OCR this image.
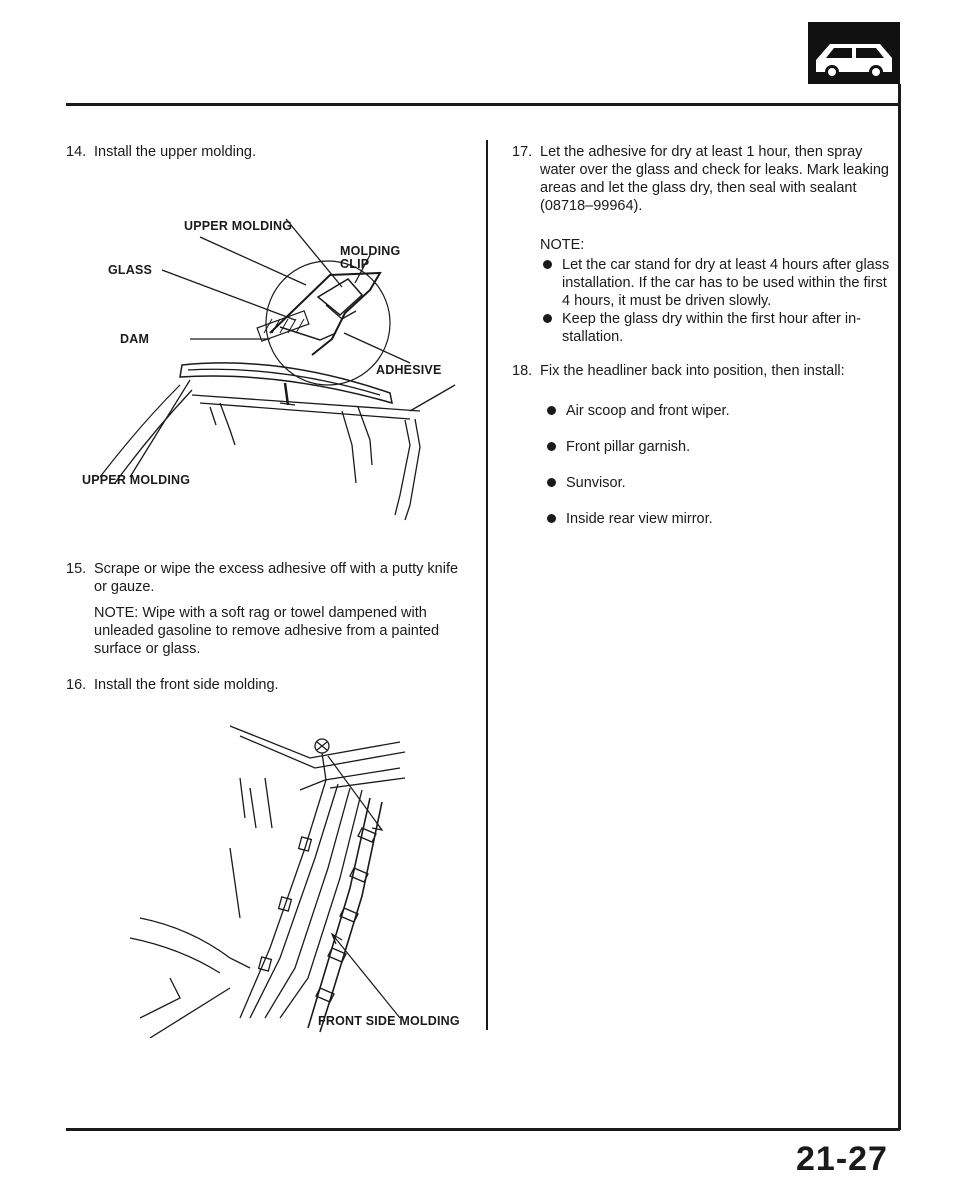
14. Install the upper molding.
UPPER MOLDING
MOLDING
CLIP
GLASS
DAM
ADHESIVE
UPPER MOLDING
15. Scrape or wipe the excess adhesive off with a putty knife or gauze.
NOTE: Wipe with a soft rag or towel dampened with unleaded gasoline to remove adhesive from a painted surface or glass.
16. Install the front side molding.
FRONT SIDE MOLDING
17. Let the adhesive for dry at least 1 hour, then spray water over the glass and check for leaks. Mark leaking areas and let the glass dry, then seal with sealant (08718–99964).
NOTE:
Let the car stand for dry at least 4 hours after glass installation. If the car has to be used within the first 4 hours, it must be driven slowly.
Keep the glass dry within the first hour after in-stallation.
18. Fix the headliner back into position, then install:
Air scoop and front wiper.
Front pillar garnish.
Sunvisor.
Inside rear view mirror.
21-27
